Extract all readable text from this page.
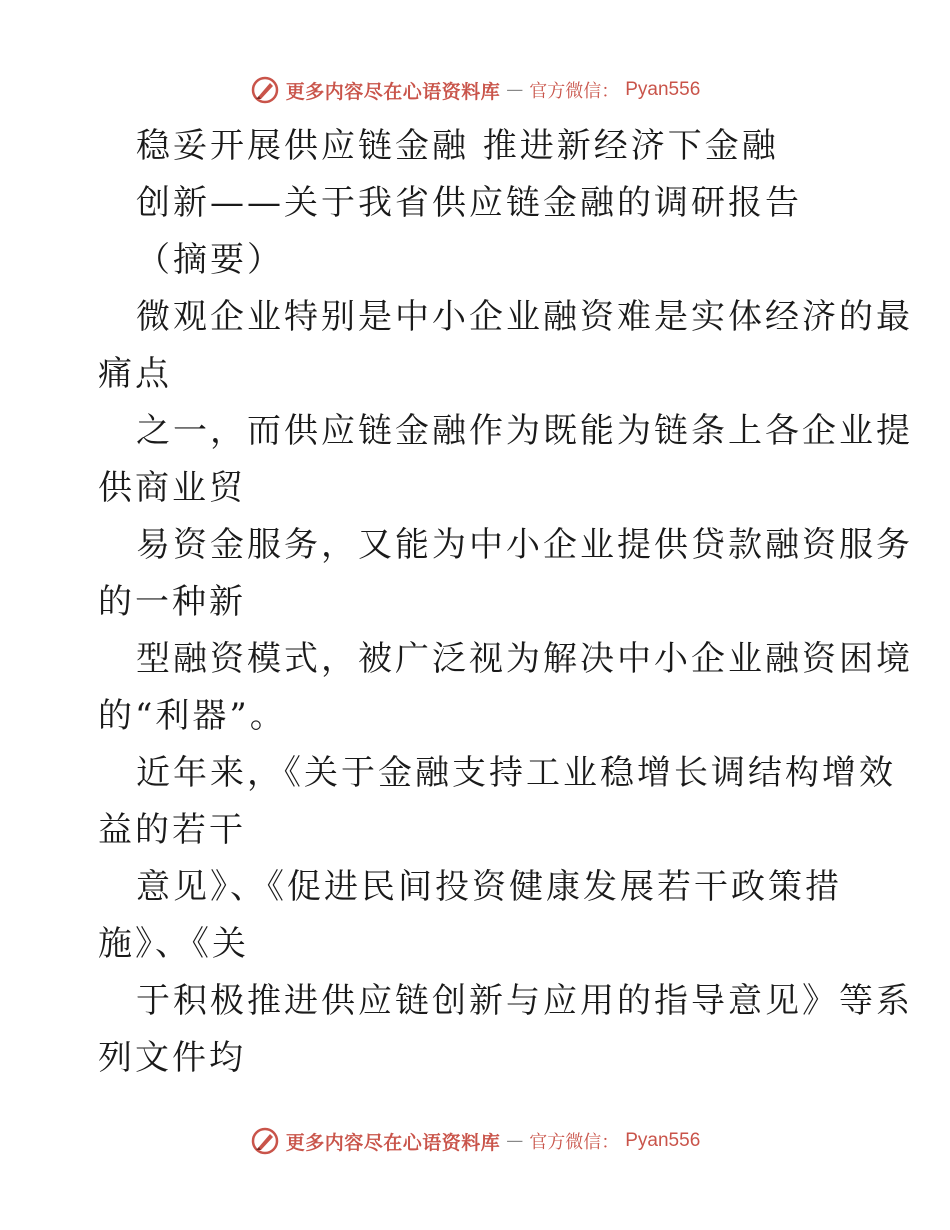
更多内容尽在心语资料库 — 官方微信： Pyan556
稳妥开展供应链金融 推进新经济下金融
创新——关于我省供应链金融的调研报告
（摘要）
微观企业特别是中小企业融资难是实体经济的最
痛点
之一，而供应链金融作为既能为链条上各企业提
供商业贸
易资金服务，又能为中小企业提供贷款融资服务
的一种新
型融资模式，被广泛视为解决中小企业融资困境
的“利器”。
近年来，《关于金融支持工业稳增长调结构增效
益的若干
意见》、《促进民间投资健康发展若干政策措
施》、《关
于积极推进供应链创新与应用的指导意见》等系
列文件均
更多内容尽在心语资料库 — 官方微信： Pyan556
